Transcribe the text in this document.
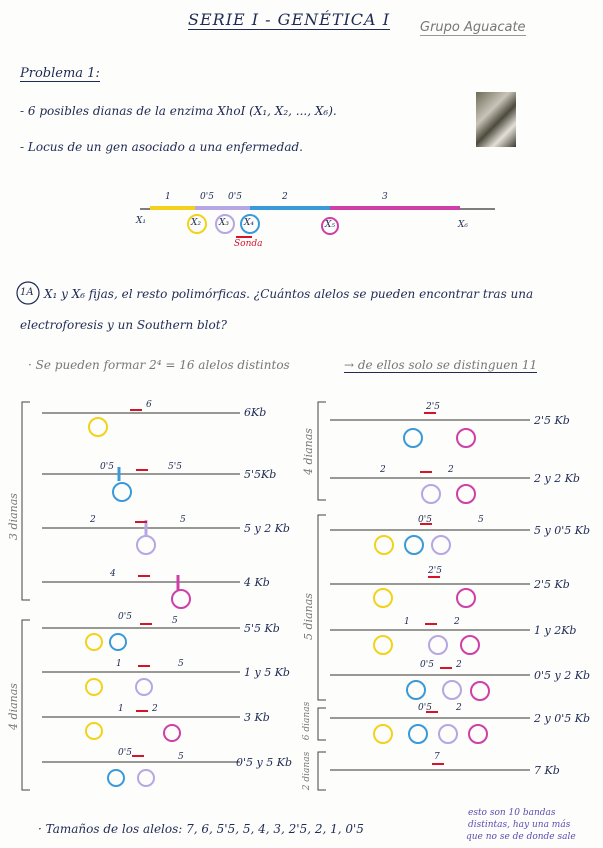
SERIE I - GENÉTICA I Grupo Aguacate
Problema 1:
- 6 posibles dianas de la enzima XhoI (X₁, X₂, ..., X₆).
- Locus de un gen asociado a una enfermedad.
X₁	X₆
1	0'5 0'5	2	3
X₂ X₃ X₄	X₅
Sonda
1A X₁ y X₆ fijas, el resto polimórficas. ¿Cuántos alelos se pueden encontrar tras una
electroforesis y un Southern blot?
· Se pueden formar 2⁴ = 16 alelos distintos	→ de ellos solo se distinguen 11
3 dianas
4 dianas
4 dianas
5 dianas
6 dianas
2 dianas
6Kb
6
5'5Kb
0'5	5'5
5 y 2 Kb
2	5
4 Kb
4
5'5 Kb
0'5	5
1 y 5 Kb
1	5
3 Kb
1	2
0'5 y 5 Kb
0'5	5
2'5 Kb
2'5
2 y 2 Kb
2	2
5 y 0'5 Kb
0'5	5
2'5 Kb
2'5
1 y 2Kb
1	2
0'5 y 2 Kb
0'5 2
2 y 0'5 Kb
0'5	2
7 Kb
7
· Tamaños de los alelos: 7, 6, 5'5, 5, 4, 3, 2'5, 2, 1, 0'5
esto son 10 bandas
distintas, hay una más
que no se de donde sale
